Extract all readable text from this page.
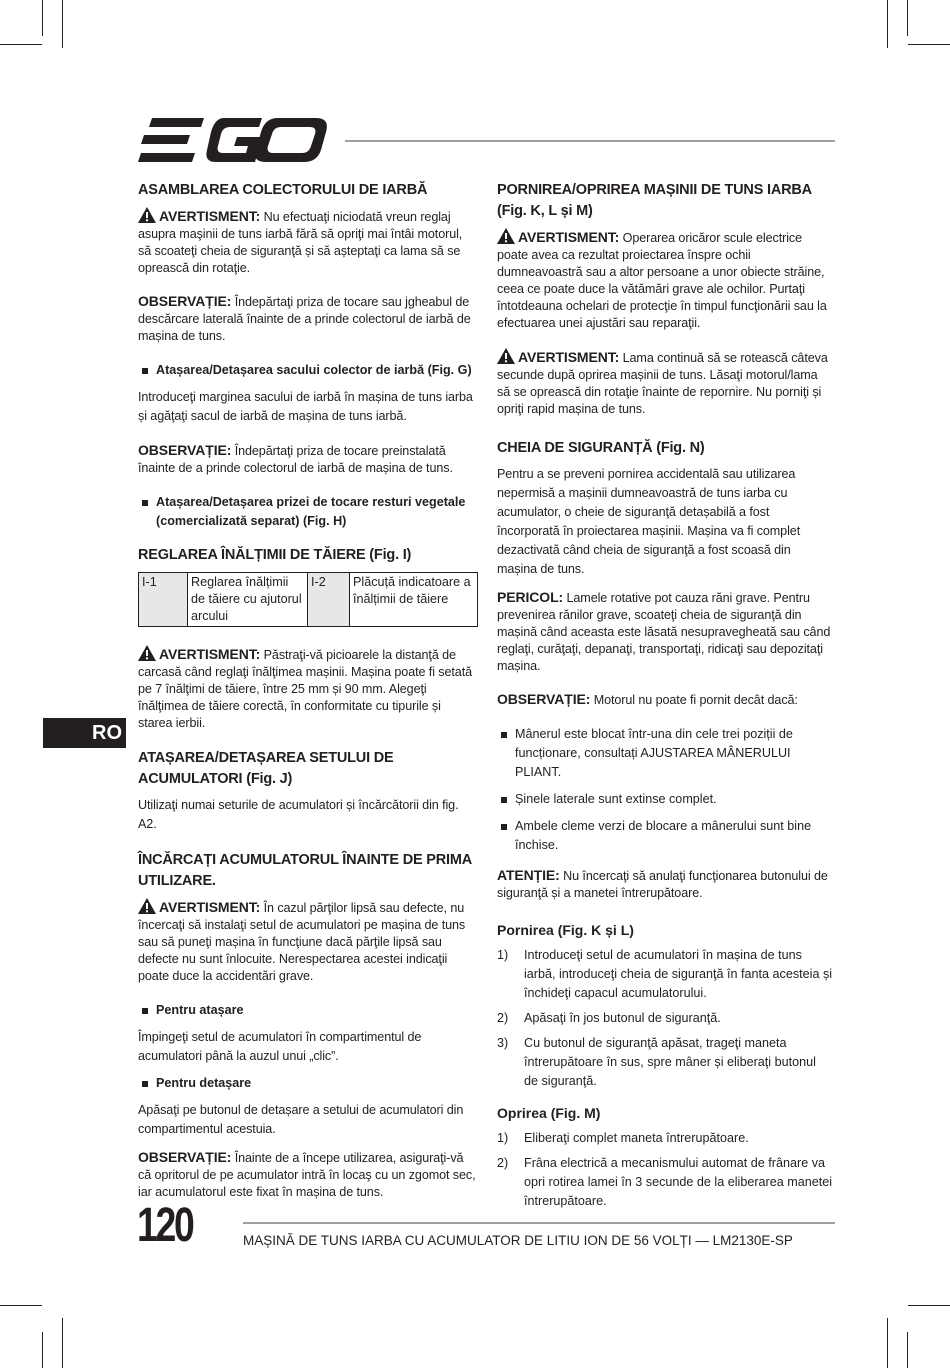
ASAMBLAREA COLECTORULUI DE IARBĂ
AVERTISMENT: Nu efectuaţi niciodată vreun reglaj asupra maşinii de tuns iarbă fără să opriţi mai întâi motorul, să scoateţi cheia de siguranţă și să așteptaţi ca lama să se oprească din rotaţie.
OBSERVAȚIE: Îndepărtaţi priza de tocare sau jgheabul de descărcare laterală înainte de a prinde colectorul de iarbă de mașina de tuns.
Atașarea/Detașarea sacului colector de iarbă (Fig. G)
Introduceţi marginea sacului de iarbă în mașina de tuns iarba și agăţaţi sacul de iarbă de mașina de tuns iarbă.
OBSERVAȚIE: Îndepărtaţi priza de tocare preinstalată înainte de a prinde colectorul de iarbă de mașina de tuns.
Atașarea/Detașarea prizei de tocare resturi vegetale (comercializată separat) (Fig. H)
REGLAREA ÎNĂLȚIMII DE TĂIERE (Fig. I)
I-1	Reglarea înălțimii de tăiere cu ajutorul arcului	I-2	Plăcuță indicatoare a înălțimii de tăiere
AVERTISMENT: Păstraţi-vă picioarele la distanţă de carcasă când reglaţi înălţimea mașinii. Mașina poate fi setată pe 7 înălţimi de tăiere, între 25 mm și 90 mm. Alegeţi înălţimea de tăiere corectă, în conformitate cu tipurile și starea ierbii.
ATAȘAREA/DETAȘAREA SETULUI DE ACUMULATORI (Fig. J)
Utilizaţi numai seturile de acumulatori și încărcătorii din fig. A2.
ÎNCĂRCAȚI ACUMULATORUL ÎNAINTE DE PRIMA UTILIZARE.
AVERTISMENT: În cazul părţilor lipsă sau defecte, nu încercaţi să instalaţi setul de acumulatori pe mașina de tuns sau să puneţi mașina în funcţiune dacă părţile lipsă sau defecte nu sunt înlocuite. Nerespectarea acestei indicaţii poate duce la accidentări grave.
Pentru atașare
Împingeţi setul de acumulatori în compartimentul de acumulatori până la auzul unui „clic”.
Pentru detașare
Apăsaţi pe butonul de detașare a setului de acumulatori din compartimentul acestuia.
OBSERVAȚIE: Înainte de a începe utilizarea, asiguraţi-vă că opritorul de pe acumulator intră în locaş cu un zgomot sec, iar acumulatorul este fixat în mașina de tuns.
PORNIREA/OPRIREA MAȘINII DE TUNS IARBA (Fig. K, L și M)
AVERTISMENT: Operarea oricăror scule electrice poate avea ca rezultat proiectarea înspre ochii dumneavoastră sau a altor persoane a unor obiecte străine, ceea ce poate duce la vătămări grave ale ochilor. Purtaţi întotdeauna ochelari de protecţie în timpul funcţionării sau la efectuarea unei ajustări sau reparaţii.
AVERTISMENT: Lama continuă să se rotească câteva secunde după oprirea mașinii de tuns. Lăsaţi motorul/lama să se oprească din rotaţie înainte de repornire. Nu porniţi și opriţi rapid mașina de tuns.
CHEIA DE SIGURANȚĂ (Fig. N)
Pentru a se preveni pornirea accidentală sau utilizarea nepermisă a mașinii dumneavoastră de tuns iarba cu acumulator, o cheie de siguranţă detașabilă a fost încorporată în proiectarea mașinii. Mașina va fi complet dezactivată când cheia de siguranţă a fost scoasă din mașina de tuns.
PERICOL: Lamele rotative pot cauza răni grave. Pentru prevenirea rănilor grave, scoateţi cheia de siguranţă din mașină când aceasta este lăsată nesupravegheată sau când reglaţi, curăţaţi, depanaţi, transportaţi, ridicaţi sau depozitaţi mașina.
OBSERVAȚIE: Motorul nu poate fi pornit decât dacă:
Mânerul este blocat într-una din cele trei poziții de funcționare, consultați AJUSTAREA MÂNERULUI PLIANT.
Șinele laterale sunt extinse complet.
Ambele cleme verzi de blocare a mânerului sunt bine închise.
ATENȚIE: Nu încercaţi să anulaţi funcţionarea butonului de siguranţă și a manetei întrerupătoare.
Pornirea (Fig. K și L)
1) Introduceţi setul de acumulatori în mașina de tuns iarbă, introduceţi cheia de siguranţă în fanta acesteia și închideţi capacul acumulatorului.
2) Apăsaţi în jos butonul de siguranţă.
3) Cu butonul de siguranţă apăsat, trageţi maneta întrerupătoare în sus, spre mâner și eliberaţi butonul de siguranţă.
Oprirea (Fig. M)
1) Eliberaţi complet maneta întrerupătoare.
2) Frâna electrică a mecanismului automat de frânare va opri rotirea lamei în 3 secunde de la eliberarea manetei întrerupătoare.
RO
120	MAȘINĂ DE TUNS IARBA CU ACUMULATOR DE LITIU ION DE 56 VOLȚI — LM2130E-SP
